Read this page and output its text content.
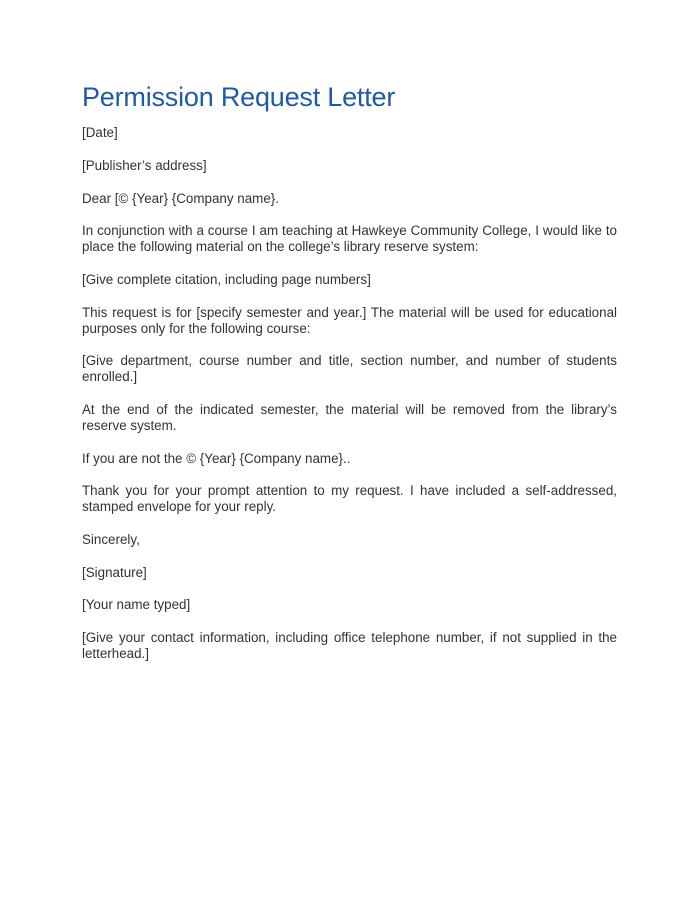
Permission Request Letter

[Date]

[Publisher’s address]

Dear [© {Year} {Company name}.

In conjunction with a course I am teaching at Hawkeye Community College, I would like to place the following material on the college’s library reserve system:

[Give complete citation, including page numbers]

This request is for [specify semester and year.] The material will be used for educational purposes only for the following course:

[Give department, course number and title, section number, and number of students enrolled.]

At the end of the indicated semester, the material will be removed from the library’s reserve system.

If you are not the © {Year} {Company name}..

Thank you for your prompt attention to my request. I have included a self-addressed, stamped envelope for your reply.

Sincerely,

[Signature]

[Your name typed]

[Give your contact information, including office telephone number, if not supplied in the letterhead.]
